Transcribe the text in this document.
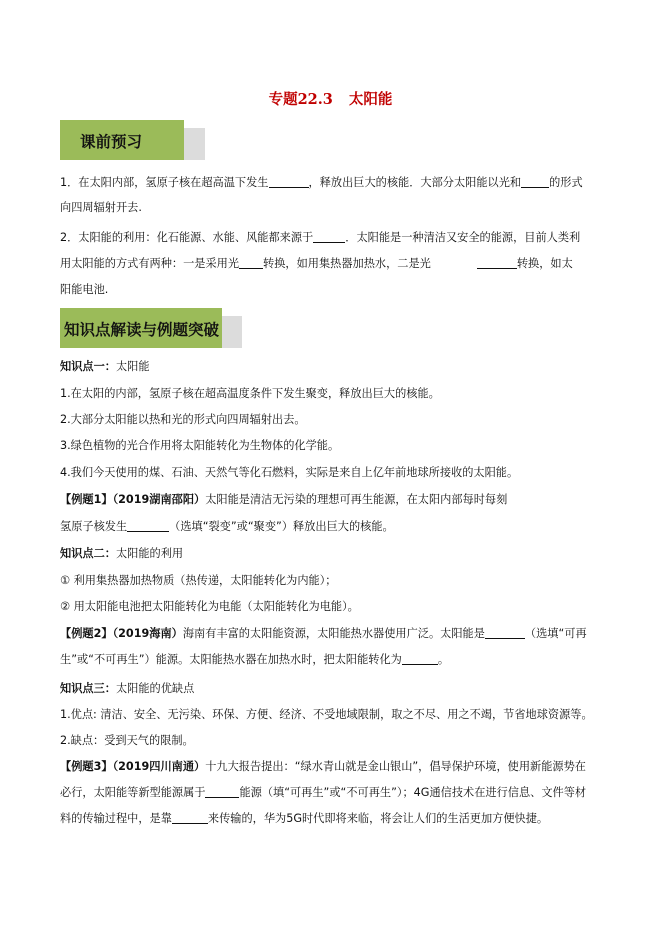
专题22.3 太阳能
课前预习
1．在太阳内部，氢原子核在超高温下发生	，释放出巨大的核能．大部分太阳能以光和	的形式
向四周辐射开去.
2．太阳能的利用：化石能源、水能、风能都来源于	．太阳能是一种清洁又安全的能源，目前人类利
用太阳能的方式有两种：一是采用光 转换，如用集热器加热水，二是光	转换，如太
阳能电池.
知识点解读与例题突破
知识点一：太阳能
1.在太阳的内部，氢原子核在超高温度条件下发生聚变，释放出巨大的核能。
2.大部分太阳能以热和光的形式向四周辐射出去。
3.绿色植物的光合作用将太阳能转化为生物体的化学能。
4.我们今天使用的煤、石油、天然气等化石燃料，实际是来自上亿年前地球所接收的太阳能。
【例题1】（2019湖南邵阳）太阳能是清洁无污染的理想可再生能源，在太阳内部每时每刻
氢原子核发生	（选填“裂变”或“聚变”）释放出巨大的核能。
知识点二：太阳能的利用
① 利用集热器加热物质（热传递，太阳能转化为内能）；
② 用太阳能电池把太阳能转化为电能（太阳能转化为电能）。
【例题2】（2019海南）海南有丰富的太阳能资源，太阳能热水器使用广泛。太阳能是	（选填“可再
生”或“不可再生”）能源。太阳能热水器在加热水时，把太阳能转化为	。
知识点三：太阳能的优缺点
1.优点: 清洁、安全、无污染、环保、方便、经济、不受地域限制，取之不尽、用之不竭，节省地球资源等。
2.缺点：受到天气的限制。
【例题3】（2019四川南通）十九大报告提出：“绿水青山就是金山银山”，倡导保护环境，使用新能源势在
必行，太阳能等新型能源属于	能源（填“可再生”或“不可再生”）；4G通信技术在进行信息、文件等材
料的传输过程中，是靠	来传输的，华为5G时代即将来临，将会让人们的生活更加方便快捷。
